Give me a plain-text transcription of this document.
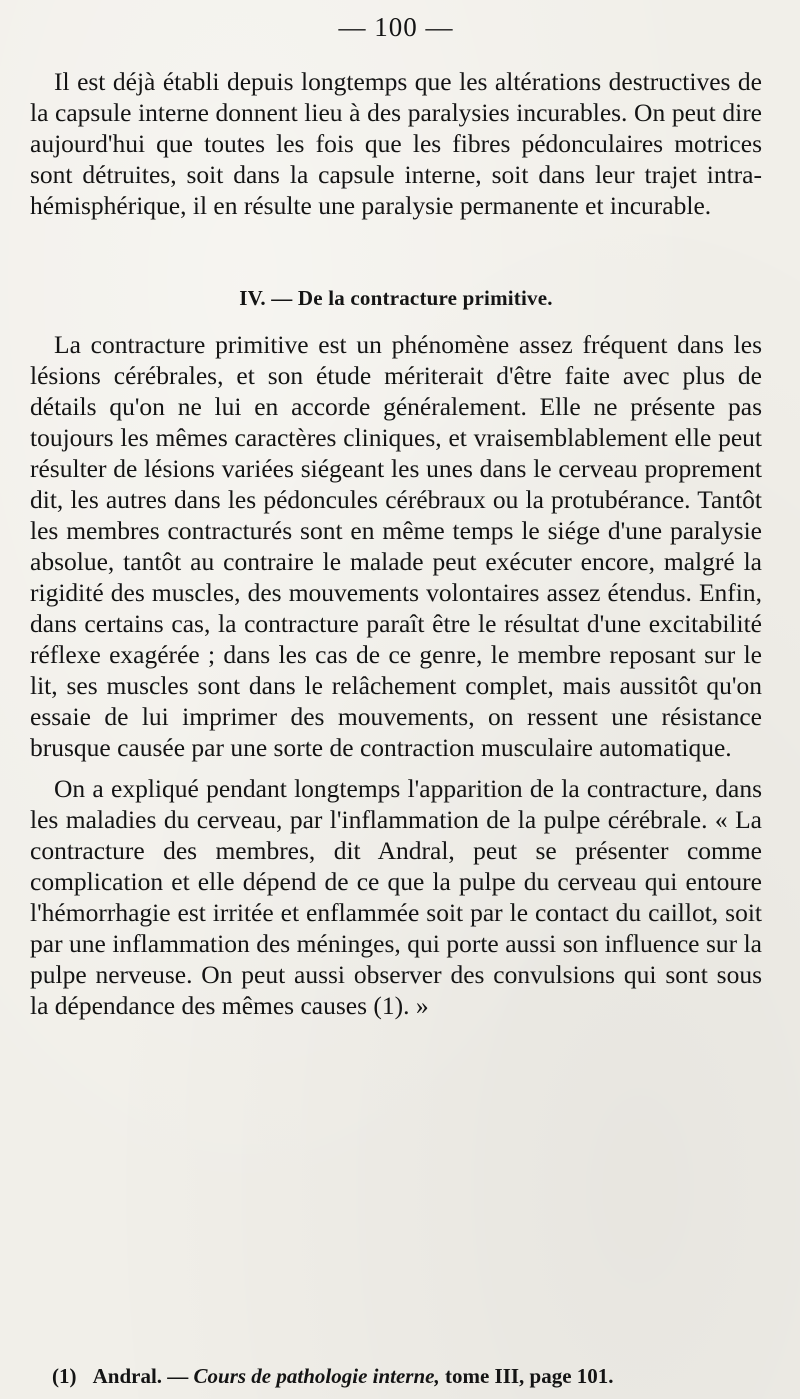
— 100 —

Il est déjà établi depuis longtemps que les altérations destructives de la capsule interne donnent lieu à des paralysies incurables. On peut dire aujourd'hui que toutes les fois que les fibres pédonculaires motrices sont détruites, soit dans la capsule interne, soit dans leur trajet intra-hémisphérique, il en résulte une paralysie permanente et incurable.

IV. — De la contracture primitive.

La contracture primitive est un phénomène assez fréquent dans les lésions cérébrales, et son étude mériterait d'être faite avec plus de détails qu'on ne lui en accorde généralement. Elle ne présente pas toujours les mêmes caractères cliniques, et vraisemblablement elle peut résulter de lésions variées siégeant les unes dans le cerveau proprement dit, les autres dans les pédoncules cérébraux ou la protubérance. Tantôt les membres contracturés sont en même temps le siége d'une paralysie absolue, tantôt au contraire le malade peut exécuter encore, malgré la rigidité des muscles, des mouvements volontaires assez étendus. Enfin, dans certains cas, la contracture paraît être le résultat d'une excitabilité réflexe exagérée ; dans les cas de ce genre, le membre reposant sur le lit, ses muscles sont dans le relâchement complet, mais aussitôt qu'on essaie de lui imprimer des mouvements, on ressent une résistance brusque causée par une sorte de contraction musculaire automatique.

On a expliqué pendant longtemps l'apparition de la contracture, dans les maladies du cerveau, par l'inflammation de la pulpe cérébrale. « La contracture des membres, dit Andral, peut se présenter comme complication et elle dépend de ce que la pulpe du cerveau qui entoure l'hémorrhagie est irritée et enflammée soit par le contact du caillot, soit par une inflammation des méninges, qui porte aussi son influence sur la pulpe nerveuse. On peut aussi observer des convulsions qui sont sous la dépendance des mêmes causes (1). »

(1) Andral. — Cours de pathologie interne, tome III, page 101.
